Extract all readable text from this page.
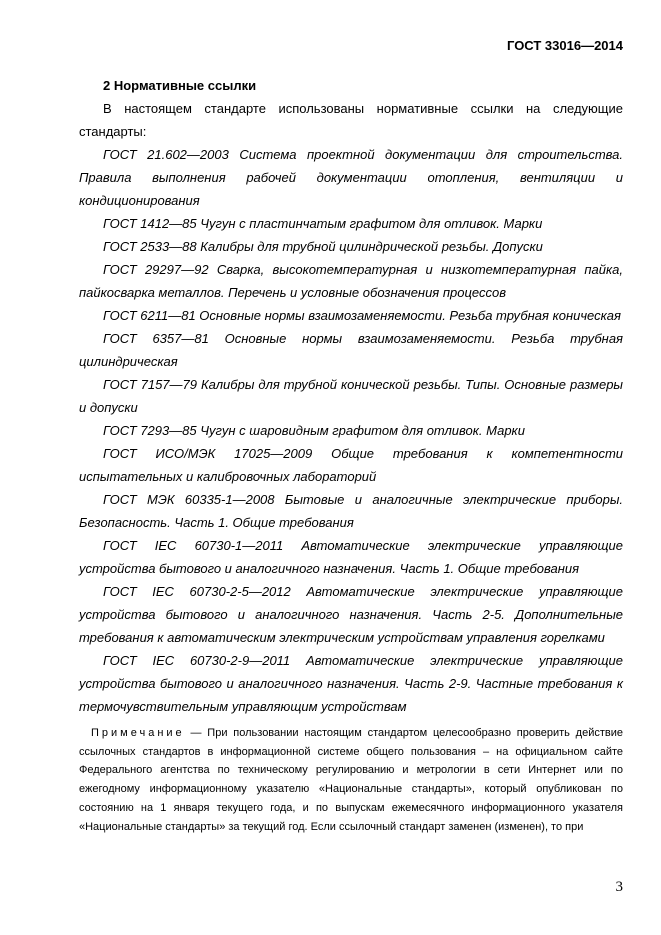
ГОСТ 33016—2014

2 Нормативные ссылки

В настоящем стандарте использованы нормативные ссылки на следующие стандарты:

ГОСТ 21.602—2003 Система проектной документации для строительства. Правила выполнения рабочей документации отопления, вентиляции и кондиционирования

ГОСТ 1412—85 Чугун с пластинчатым графитом для отливок. Марки

ГОСТ 2533—88 Калибры для трубной цилиндрической резьбы. Допуски

ГОСТ 29297—92 Сварка, высокотемпературная и низкотемпературная пайка, пайкосварка металлов. Перечень и условные обозначения процессов

ГОСТ 6211—81 Основные нормы взаимозаменяемости. Резьба трубная коническая

ГОСТ 6357—81 Основные нормы взаимозаменяемости. Резьба трубная цилиндрическая

ГОСТ 7157—79 Калибры для трубной конической резьбы. Типы. Основные размеры и допуски

ГОСТ 7293—85 Чугун с шаровидным графитом для отливок. Марки

ГОСТ ИСО/МЭК 17025—2009 Общие требования к компетентности испытательных и калибровочных лабораторий

ГОСТ МЭК 60335-1—2008 Бытовые и аналогичные электрические приборы. Безопасность. Часть 1. Общие требования

ГОСТ IEC 60730-1—2011 Автоматические электрические управляющие устройства бытового и аналогичного назначения. Часть 1. Общие требования

ГОСТ IEC 60730-2-5—2012 Автоматические электрические управляющие устройства бытового и аналогичного назначения. Часть 2-5. Дополнительные требования к автоматическим электрическим устройствам управления горелками

ГОСТ IEC 60730-2-9—2011 Автоматические электрические управляющие устройства бытового и аналогичного назначения. Часть 2-9. Частные требования к термочувствительным управляющим устройствам

Примечание — При пользовании настоящим стандартом целесообразно проверить действие ссылочных стандартов в информационной системе общего пользования – на официальном сайте Федерального агентства по техническому регулированию и метрологии в сети Интернет или по ежегодному информационному указателю «Национальные стандарты», который опубликован по состоянию на 1 января текущего года, и по выпускам ежемесячного информационного указателя «Национальные стандарты» за текущий год. Если ссылочный стандарт заменен (изменен), то при

3
